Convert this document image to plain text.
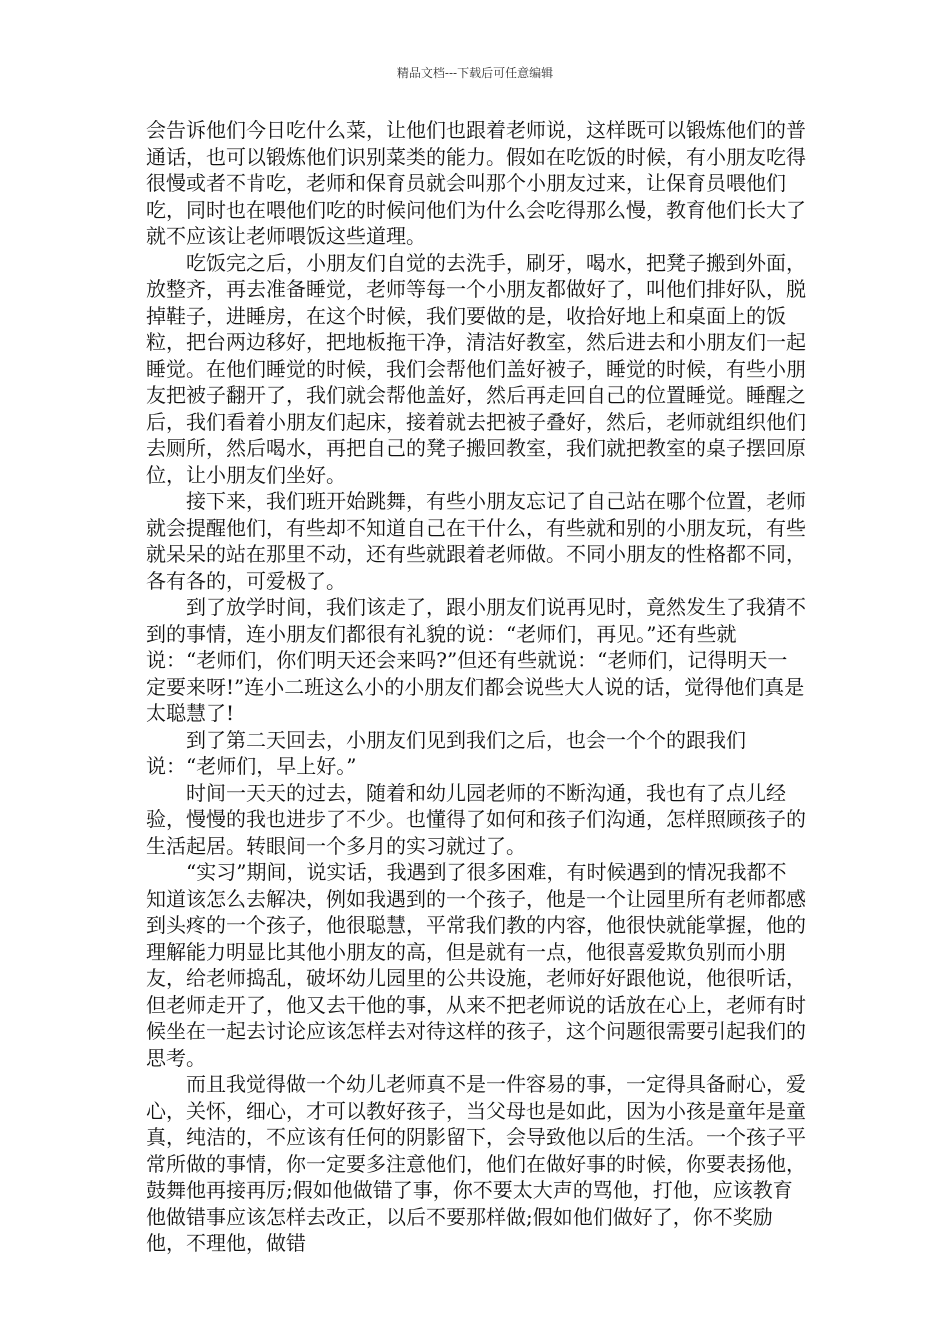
精品文档---下载后可任意编辑

会告诉他们今日吃什么菜，让他们也跟着老师说，这样既可以锻炼他们的普通话，也可以锻炼他们识别菜类的能力。假如在吃饭的时候，有小朋友吃得很慢或者不肯吃，老师和保育员就会叫那个小朋友过来，让保育员喂他们吃，同时也在喂他们吃的时候问他们为什么会吃得那么慢，教育他们长大了就不应该让老师喂饭这些道理。

吃饭完之后，小朋友们自觉的去洗手，刷牙，喝水，把凳子搬到外面，放整齐，再去准备睡觉，老师等每一个小朋友都做好了，叫他们排好队，脱掉鞋子，进睡房，在这个时候，我们要做的是，收拾好地上和桌面上的饭粒，把台两边移好，把地板拖干净，清洁好教室，然后进去和小朋友们一起睡觉。在他们睡觉的时候，我们会帮他们盖好被子，睡觉的时候，有些小朋友把被子翻开了，我们就会帮他盖好，然后再走回自己的位置睡觉。睡醒之后，我们看着小朋友们起床，接着就去把被子叠好，然后，老师就组织他们去厕所，然后喝水，再把自己的凳子搬回教室，我们就把教室的桌子摆回原位，让小朋友们坐好。

接下来，我们班开始跳舞，有些小朋友忘记了自己站在哪个位置，老师就会提醒他们，有些却不知道自己在干什么，有些就和别的小朋友玩，有些就呆呆的站在那里不动，还有些就跟着老师做。不同小朋友的性格都不同，各有各的，可爱极了。

到了放学时间，我们该走了，跟小朋友们说再见时，竟然发生了我猜不到的事情，连小朋友们都很有礼貌的说：“老师们，再见。”还有些就说：“老师们，你们明天还会来吗?”但还有些就说：“老师们，记得明天一定要来呀!”连小二班这么小的小朋友们都会说些大人说的话，觉得他们真是太聪慧了!

到了第二天回去，小朋友们见到我们之后，也会一个个的跟我们说：“老师们，早上好。”

时间一天天的过去，随着和幼儿园老师的不断沟通，我也有了点儿经验，慢慢的我也进步了不少。也懂得了如何和孩子们沟通，怎样照顾孩子的生活起居。转眼间一个多月的实习就过了。

“实习”期间，说实话，我遇到了很多困难，有时候遇到的情况我都不知道该怎么去解决，例如我遇到的一个孩子，他是一个让园里所有老师都感到头疼的一个孩子，他很聪慧，平常我们教的内容，他很快就能掌握，他的理解能力明显比其他小朋友的高，但是就有一点，他很喜爱欺负别而小朋友，给老师捣乱，破坏幼儿园里的公共设施，老师好好跟他说，他很听话，但老师走开了，他又去干他的事，从来不把老师说的话放在心上，老师有时候坐在一起去讨论应该怎样去对待这样的孩子，这个问题很需要引起我们的思考。

而且我觉得做一个幼儿老师真不是一件容易的事，一定得具备耐心，爱心，关怀，细心，才可以教好孩子，当父母也是如此，因为小孩是童年是童真，纯洁的，不应该有任何的阴影留下，会导致他以后的生活。一个孩子平常所做的事情，你一定要多注意他们，他们在做好事的时候，你要表扬他，鼓舞他再接再厉;假如他做错了事，你不要太大声的骂他，打他，应该教育他做错事应该怎样去改正，以后不要那样做;假如他们做好了，你不奖励他，不理他，做错
